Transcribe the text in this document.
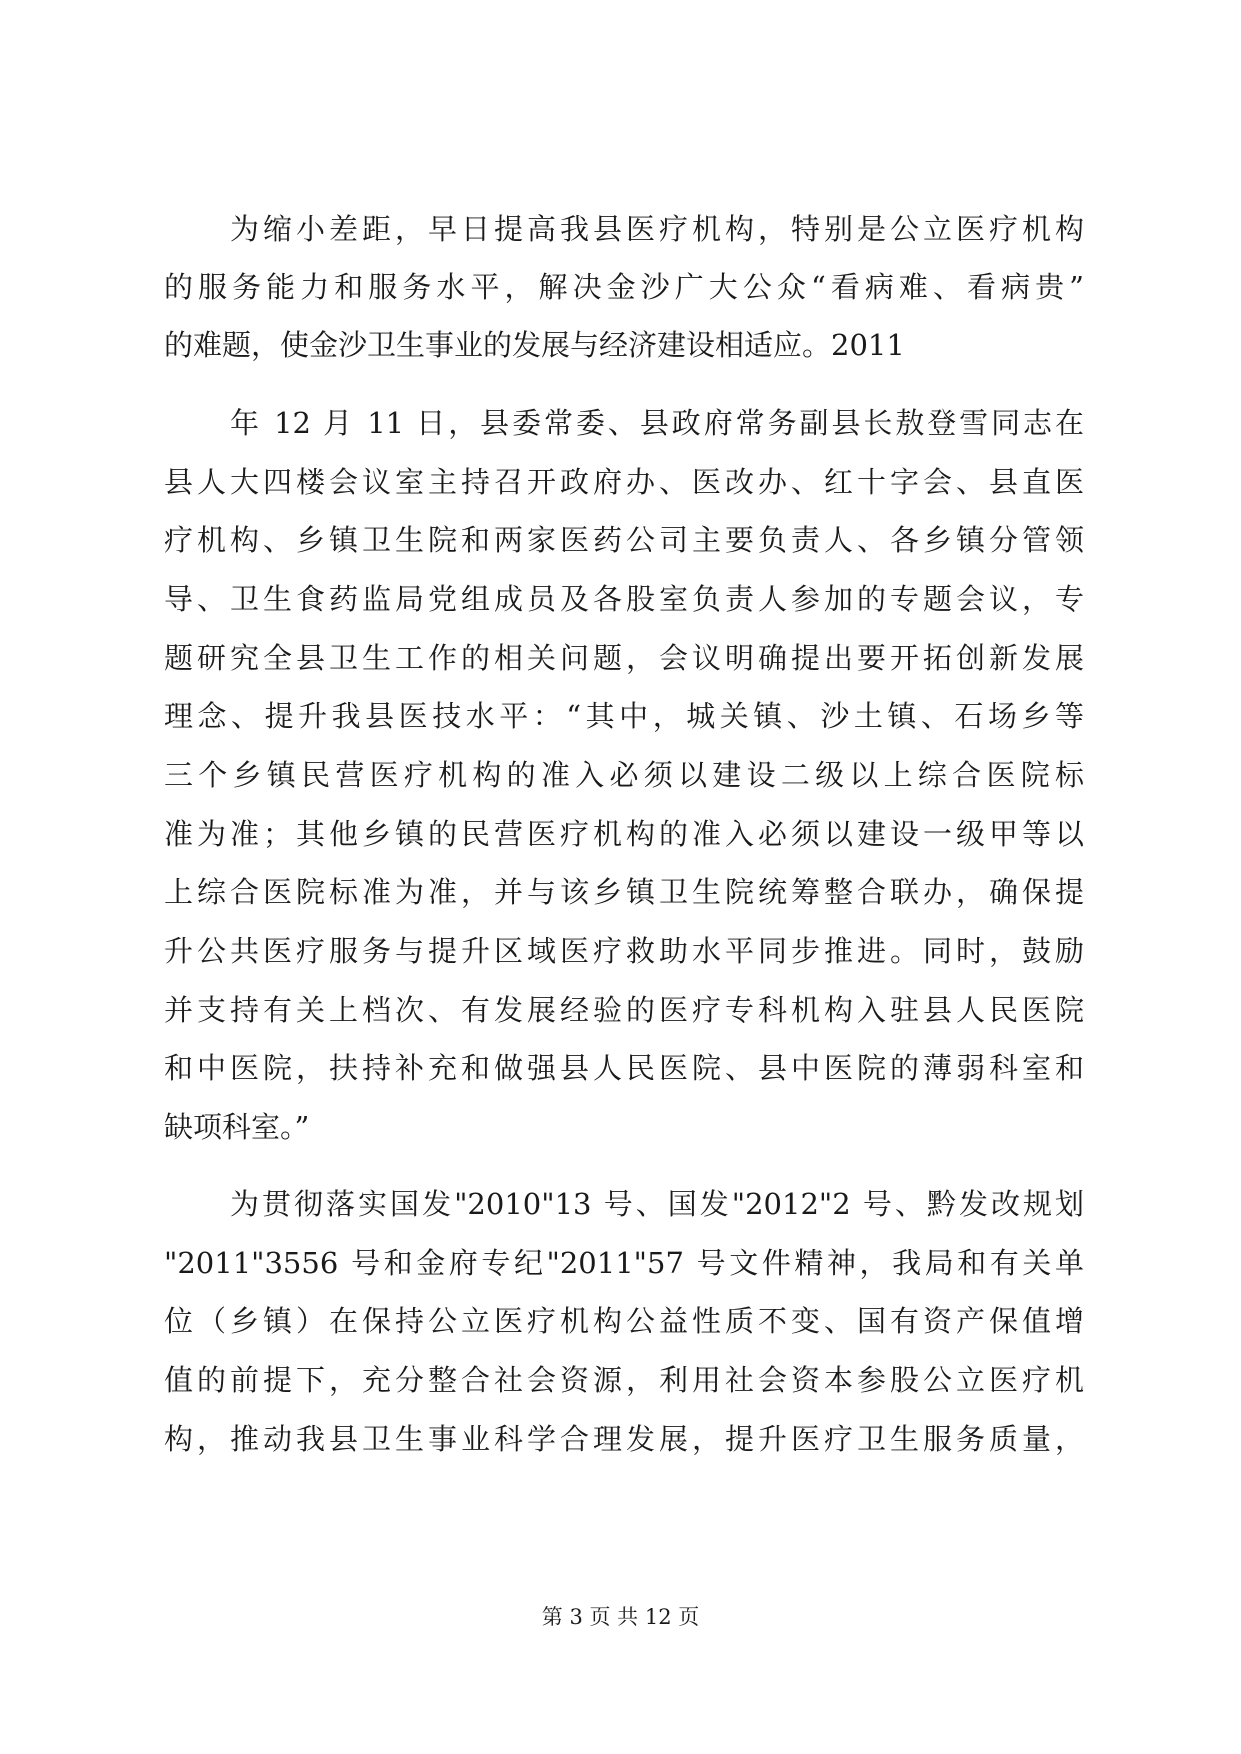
为缩小差距，早日提高我县医疗机构，特别是公立医疗机构
的服务能力和服务水平，解决金沙广大公众“看病难、看病贵”
的难题，使金沙卫生事业的发展与经济建设相适应。2011
年 12 月 11 日，县委常委、县政府常务副县长敖登雪同志在
县人大四楼会议室主持召开政府办、医改办、红十字会、县直医
疗机构、乡镇卫生院和两家医药公司主要负责人、各乡镇分管领
导、卫生食药监局党组成员及各股室负责人参加的专题会议，专
题研究全县卫生工作的相关问题，会议明确提出要开拓创新发展
理念、提升我县医技水平：“其中，城关镇、沙土镇、石场乡等
三个乡镇民营医疗机构的准入必须以建设二级以上综合医院标
准为准；其他乡镇的民营医疗机构的准入必须以建设一级甲等以
上综合医院标准为准，并与该乡镇卫生院统筹整合联办，确保提
升公共医疗服务与提升区域医疗救助水平同步推进。同时，鼓励
并支持有关上档次、有发展经验的医疗专科机构入驻县人民医院
和中医院，扶持补充和做强县人民医院、县中医院的薄弱科室和
缺项科室。”
为贯彻落实国发"2010"13 号、国发"2012"2 号、黔发改规划
"2011"3556 号和金府专纪"2011"57 号文件精神，我局和有关单
位（乡镇）在保持公立医疗机构公益性质不变、国有资产保值增
值的前提下，充分整合社会资源，利用社会资本参股公立医疗机
构，推动我县卫生事业科学合理发展，提升医疗卫生服务质量，
第 3 页 共 12 页
